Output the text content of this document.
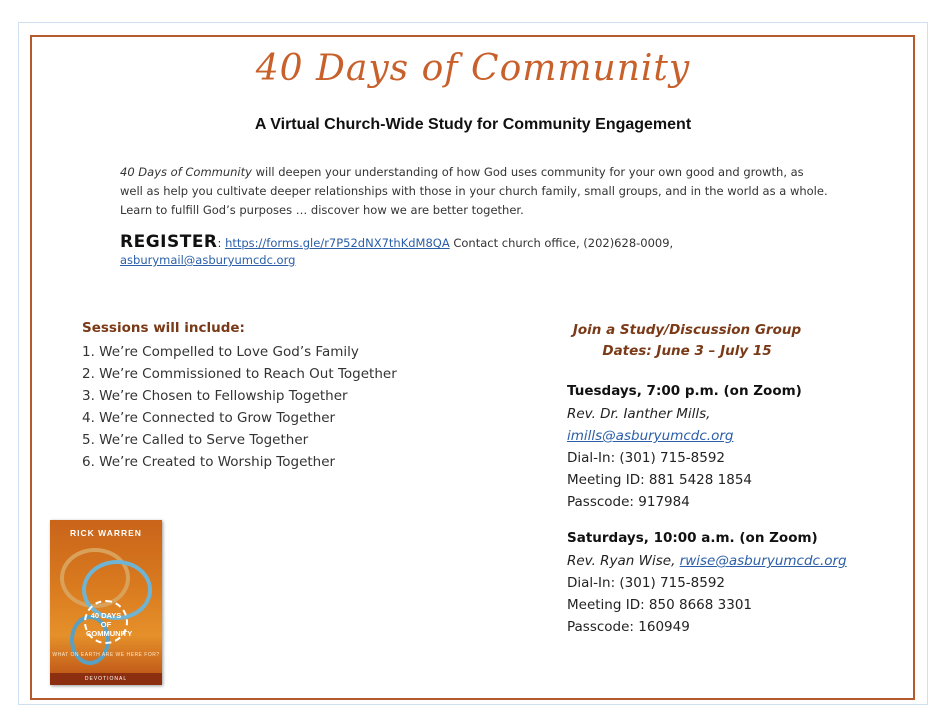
40 Days of Community
A Virtual Church-Wide Study for Community Engagement
40 Days of Community will deepen your understanding of how God uses community for your own good and growth, as well as help you cultivate deeper relationships with those in your church family, small groups, and in the world as a whole. Learn to fulfill God’s purposes … discover how we are better together.
REGISTER: https://forms.gle/r7P52dNX7thKdM8QA Contact church office, (202)628-0009,
asburymail@asburyumcdc.org
Sessions will include:
1. We’re Compelled to Love God’s Family
2. We’re Commissioned to Reach Out Together
3. We’re Chosen to Fellowship Together
4. We’re Connected to Grow Together
5. We’re Called to Serve Together
6. We’re Created to Worship Together
Join a Study/Discussion Group
Dates: June 3 – July 15
Tuesdays, 7:00 p.m. (on Zoom)
Rev. Dr. Ianther Mills,
imills@asburyumcdc.org
Dial-In: (301) 715-8592
Meeting ID: 881 5428 1854
Passcode: 917984
Saturdays, 10:00 a.m. (on Zoom)
Rev. Ryan Wise, rwise@asburyumcdc.org
Dial-In: (301) 715-8592
Meeting ID: 850 8668 3301
Passcode: 160949
RICK WARREN
40 DAYS
OF
COMMUNITY
WHAT ON EARTH ARE WE HERE FOR?
DEVOTIONAL
